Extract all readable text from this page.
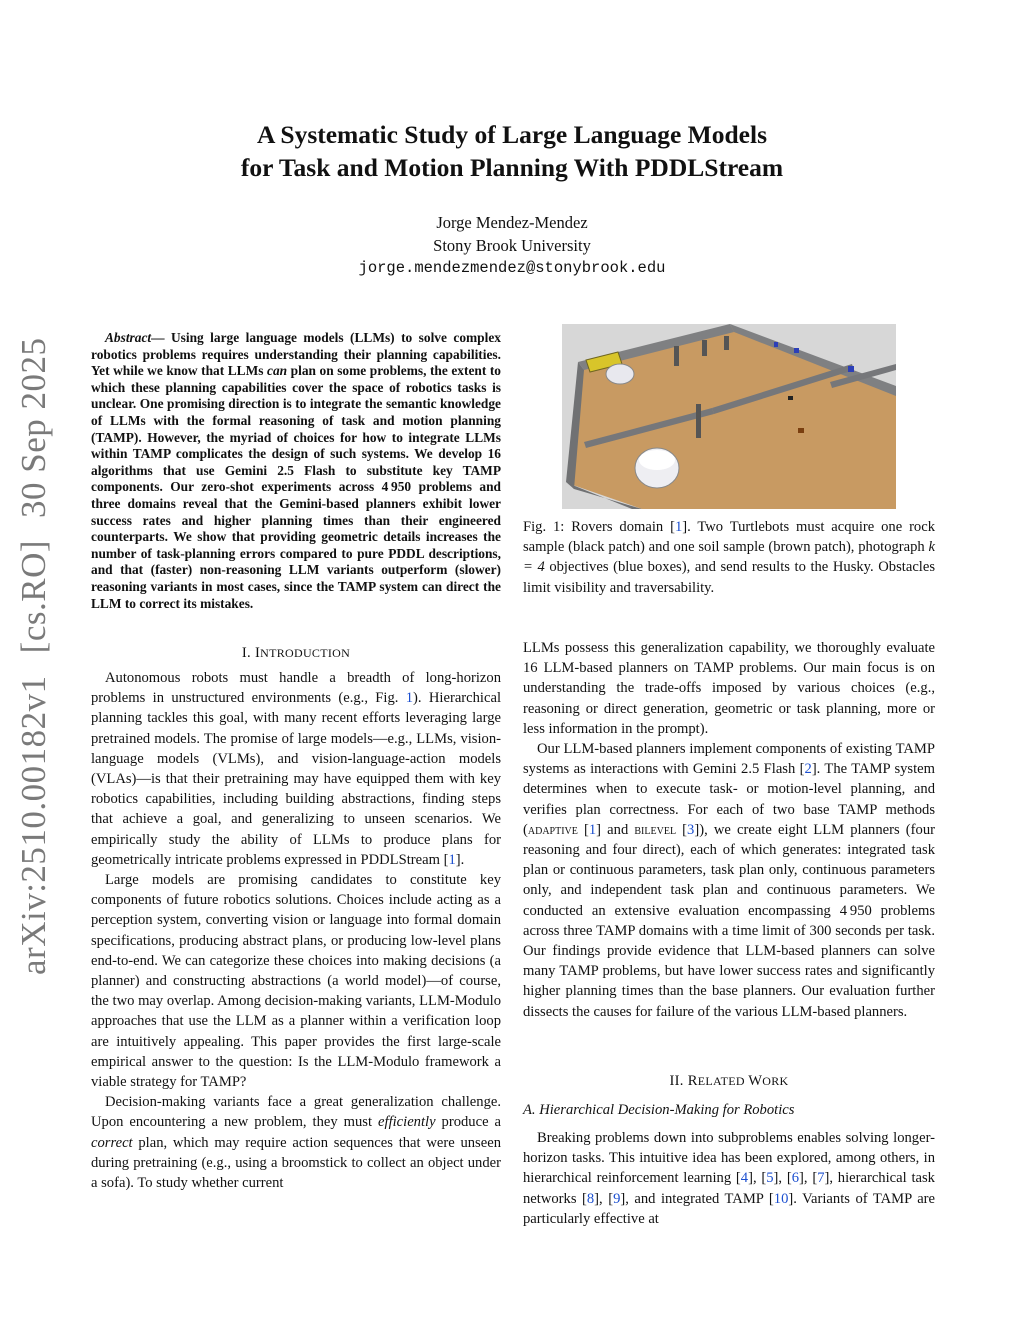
arXiv:2510.00182v1[cs.RO]30 Sep 2025
A Systematic Study of Large Language Models
for Task and Motion Planning With PDDLStream
Jorge Mendez-Mendez
Stony Brook University
jorge.mendezmendez@stonybrook.edu
Abstract— Using large language models (LLMs) to solve complex robotics problems requires understanding their planning capabilities. Yet while we know that LLMs can plan on some problems, the extent to which these planning capabilities cover the space of robotics tasks is unclear. One promising direction is to integrate the semantic knowledge of LLMs with the formal reasoning of task and motion planning (TAMP). However, the myriad of choices for how to integrate LLMs within TAMP complicates the design of such systems. We develop 16 algorithms that use Gemini 2.5 Flash to substitute key TAMP components. Our zero-shot experiments across 4 950 problems and three domains reveal that the Gemini-based planners exhibit lower success rates and higher planning times than their engineered counterparts. We show that providing geometric details increases the number of task-planning errors compared to pure PDDL descriptions, and that (faster) non-reasoning LLM variants outperform (slower) reasoning variants in most cases, since the TAMP system can direct the LLM to correct its mistakes.
I. INTRODUCTION

Autonomous robots must handle a breadth of long-horizon problems in unstructured environments (e.g., Fig. 1). Hierarchical planning tackles this goal, with many recent efforts leveraging large pretrained models. The promise of large models—e.g., LLMs, vision-language models (VLMs), and vision-language-action models (VLAs)—is that their pretraining may have equipped them with key robotics capabilities, including building abstractions, finding steps that achieve a goal, and generalizing to unseen scenarios. We empirically study the ability of LLMs to produce plans for geometrically intricate problems expressed in PDDLStream [1].

Large models are promising candidates to constitute key components of future robotics solutions. Choices include acting as a perception system, converting vision or language into formal domain specifications, producing abstract plans, or producing low-level plans end-to-end. We can categorize these choices into making decisions (a planner) and constructing abstractions (a world model)—of course, the two may overlap. Among decision-making variants, LLM-Modulo approaches that use the LLM as a planner within a verification loop are intuitively appealing. This paper provides the first large-scale empirical answer to the question: Is the LLM-Modulo framework a viable strategy for TAMP?

Decision-making variants face a great generalization challenge. Upon encountering a new problem, they must efficiently produce a correct plan, which may require action sequences that were unseen during pretraining (e.g., using a broomstick to collect an object under a sofa). To study whether current

Fig. 1: Rovers domain [1]. Two Turtlebots must acquire one rock sample (black patch) and one soil sample (brown patch), photograph k = 4 objectives (blue boxes), and send results to the Husky. Obstacles limit visibility and traversability.

LLMs possess this generalization capability, we thoroughly evaluate 16 LLM-based planners on TAMP problems. Our main focus is on understanding the trade-offs imposed by various choices (e.g., reasoning or direct generation, geometric or task planning, more or less information in the prompt).

Our LLM-based planners implement components of existing TAMP systems as interactions with Gemini 2.5 Flash [2]. The TAMP system determines when to execute task- or motion-level planning, and verifies plan correctness. For each of two base TAMP methods (adaptive [1] and bilevel [3]), we create eight LLM planners (four reasoning and four direct), each of which generates: integrated task plan or continuous parameters, task plan only, continuous parameters only, and independent task plan and continuous parameters. We conducted an extensive evaluation encompassing 4 950 problems across three TAMP domains with a time limit of 300 seconds per task. Our findings provide evidence that LLM-based planners can solve many TAMP problems, but have lower success rates and significantly higher planning times than the base planners. Our evaluation further dissects the causes for failure of the various LLM-based planners.

II. RELATED WORK
A. Hierarchical Decision-Making for Robotics

Breaking problems down into subproblems enables solving longer-horizon tasks. This intuitive idea has been explored, among others, in hierarchical reinforcement learning [4], [5], [6], [7], hierarchical task networks [8], [9], and integrated TAMP [10]. Variants of TAMP are particularly effective at
